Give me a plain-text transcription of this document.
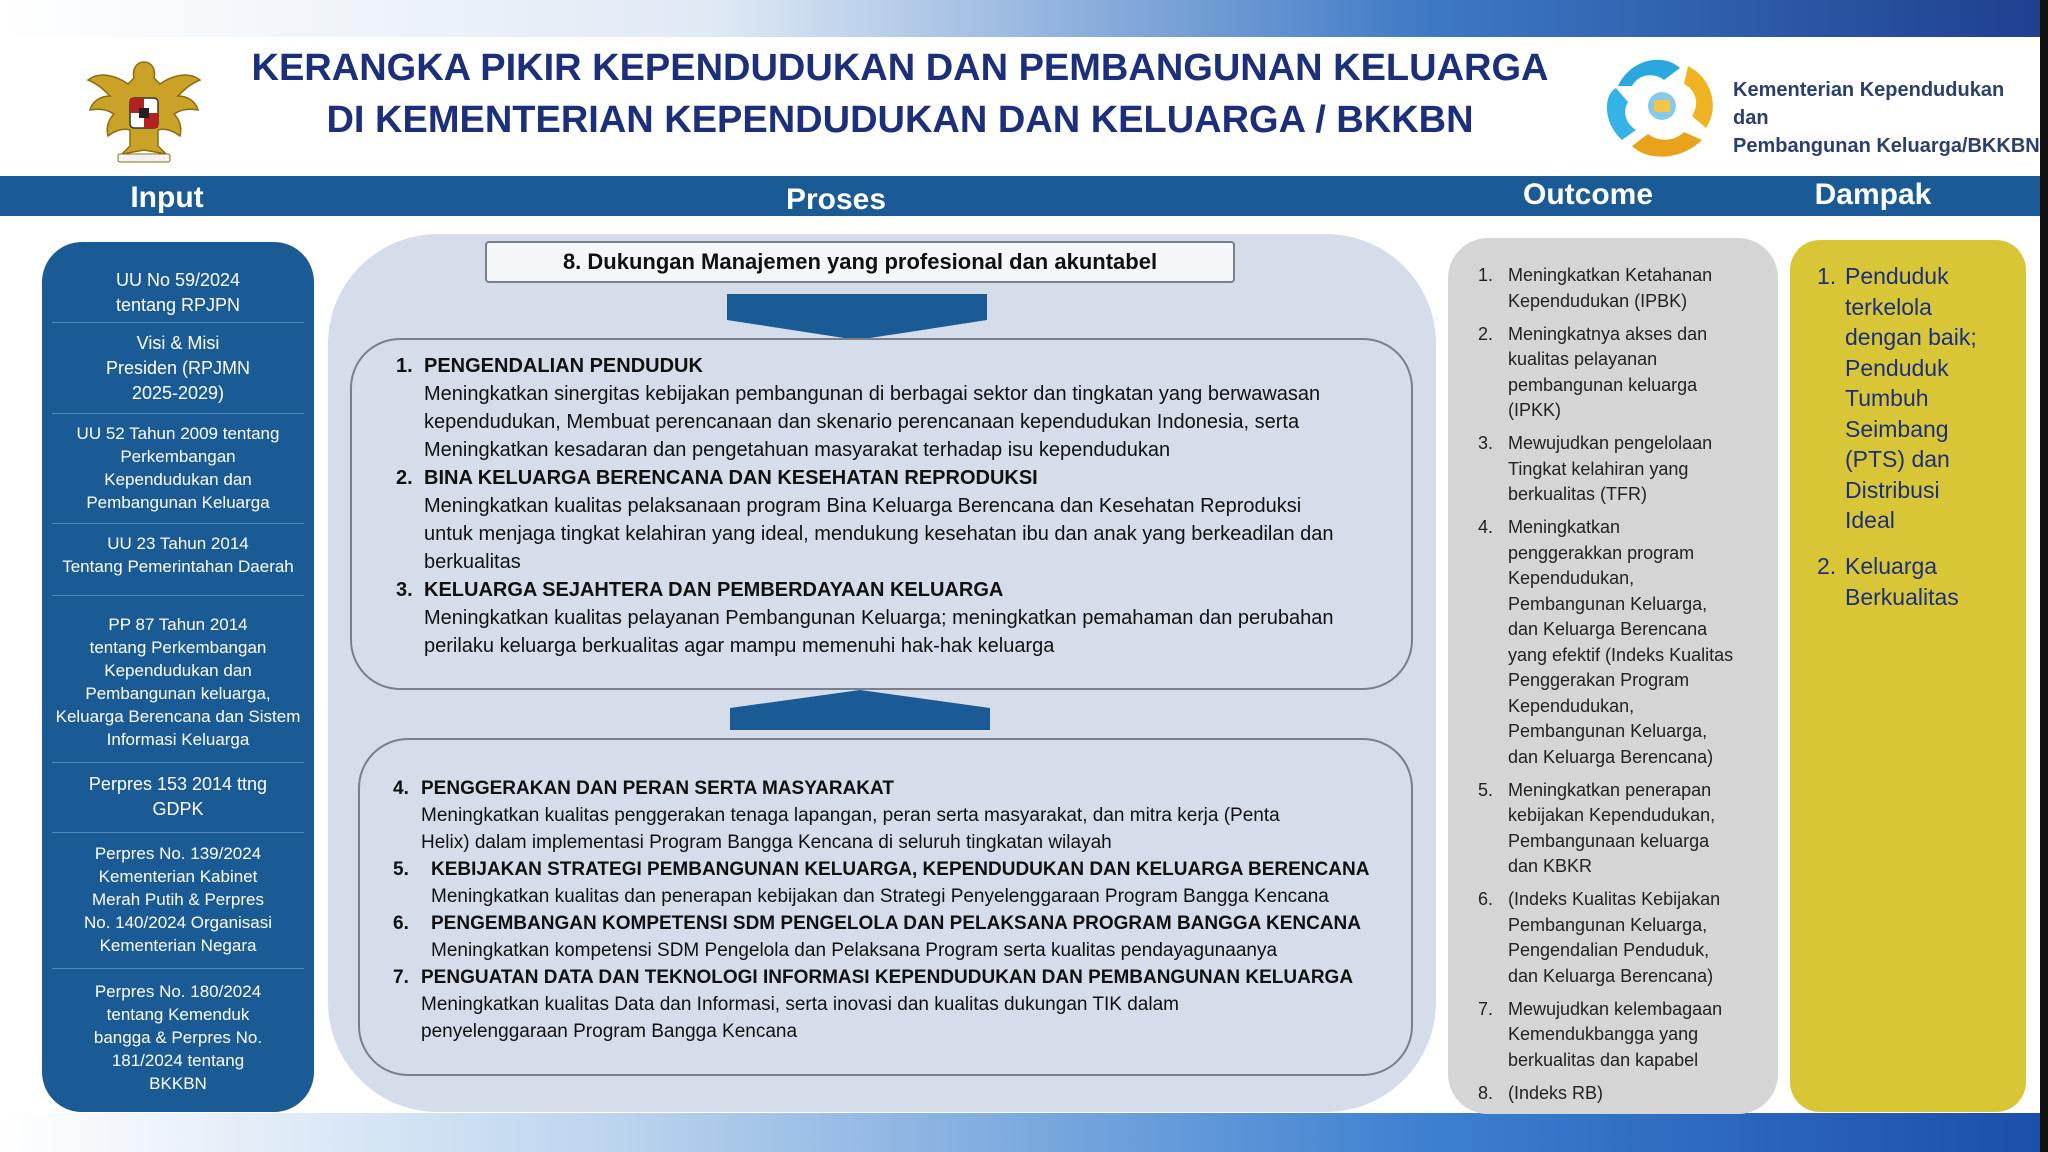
KERANGKA PIKIR KEPENDUDUKAN DAN PEMBANGUNAN KELUARGA
DI KEMENTERIAN KEPENDUDUKAN DAN KELUARGA / BKKBN
Kementerian Kependudukan dan
Pembangunan Keluarga/BKKBN
Input	Proses	Outcome	Dampak
UU No 59/2024
tentang RPJPN
Visi & Misi
Presiden (RPJMN
2025-2029)
UU 52 Tahun 2009 tentang
Perkembangan
Kependudukan dan
Pembangunan Keluarga
UU 23 Tahun 2014
Tentang Pemerintahan Daerah
PP 87 Tahun 2014
tentang Perkembangan
Kependudukan dan
Pembangunan keluarga,
Keluarga Berencana dan Sistem
Informasi Keluarga
Perpres 153 2014 ttng
GDPK
Perpres No. 139/2024
Kementerian Kabinet
Merah Putih & Perpres
No. 140/2024 Organisasi
Kementerian Negara
Perpres No. 180/2024
tentang Kemenduk
bangga & Perpres No.
181/2024 tentang
BKKBN
8. Dukungan Manajemen yang profesional dan akuntabel
1. PENGENDALIAN PENDUDUK
Meningkatkan sinergitas kebijakan pembangunan di berbagai sektor dan tingkatan yang berwawasan
kependudukan, Membuat perencanaan dan skenario perencanaan kependudukan Indonesia, serta
Meningkatkan kesadaran dan pengetahuan masyarakat terhadap isu kependudukan
2. BINA KELUARGA BERENCANA DAN KESEHATAN REPRODUKSI
Meningkatkan kualitas pelaksanaan program Bina Keluarga Berencana dan Kesehatan Reproduksi
untuk menjaga tingkat kelahiran yang ideal, mendukung kesehatan ibu dan anak yang berkeadilan dan
berkualitas
3. KELUARGA SEJAHTERA DAN PEMBERDAYAAN KELUARGA
Meningkatkan kualitas pelayanan Pembangunan Keluarga; meningkatkan pemahaman dan perubahan
perilaku keluarga berkualitas agar mampu memenuhi hak-hak keluarga
4. PENGGERAKAN DAN PERAN SERTA MASYARAKAT
Meningkatkan kualitas penggerakan tenaga lapangan, peran serta masyarakat, dan mitra kerja (Penta
Helix) dalam implementasi Program Bangga Kencana di seluruh tingkatan wilayah
5. KEBIJAKAN STRATEGI PEMBANGUNAN KELUARGA, KEPENDUDUKAN DAN KELUARGA BERENCANA
Meningkatkan kualitas dan penerapan kebijakan dan Strategi Penyelenggaraan Program Bangga Kencana
6. PENGEMBANGAN KOMPETENSI SDM PENGELOLA DAN PELAKSANA PROGRAM BANGGA KENCANA
Meningkatkan kompetensi SDM Pengelola dan Pelaksana Program serta kualitas pendayagunaanya
7. PENGUATAN DATA DAN TEKNOLOGI INFORMASI KEPENDUDUKAN DAN PEMBANGUNAN KELUARGA
Meningkatkan kualitas Data dan Informasi, serta inovasi dan kualitas dukungan TIK dalam
penyelenggaraan Program Bangga Kencana
1. Meningkatkan Ketahanan
Kependudukan (IPBK)
2. Meningkatnya akses dan
kualitas pelayanan
pembangunan keluarga
(IPKK)
3. Mewujudkan pengelolaan
Tingkat kelahiran yang
berkualitas (TFR)
4. Meningkatkan
penggerakkan program
Kependudukan,
Pembangunan Keluarga,
dan Keluarga Berencana
yang efektif (Indeks Kualitas
Penggerakan Program
Kependudukan,
Pembangunan Keluarga,
dan Keluarga Berencana)
5. Meningkatkan penerapan
kebijakan Kependudukan,
Pembangunaan keluarga
dan KBKR
6. (Indeks Kualitas Kebijakan
Pembangunan Keluarga,
Pengendalian Penduduk,
dan Keluarga Berencana)
7. Mewujudkan kelembagaan
Kemendukbangga yang
berkualitas dan kapabel
8. (Indeks RB)
1. Penduduk
terkelola
dengan baik;
Penduduk
Tumbuh
Seimbang
(PTS) dan
Distribusi
Ideal
2. Keluarga
Berkualitas
